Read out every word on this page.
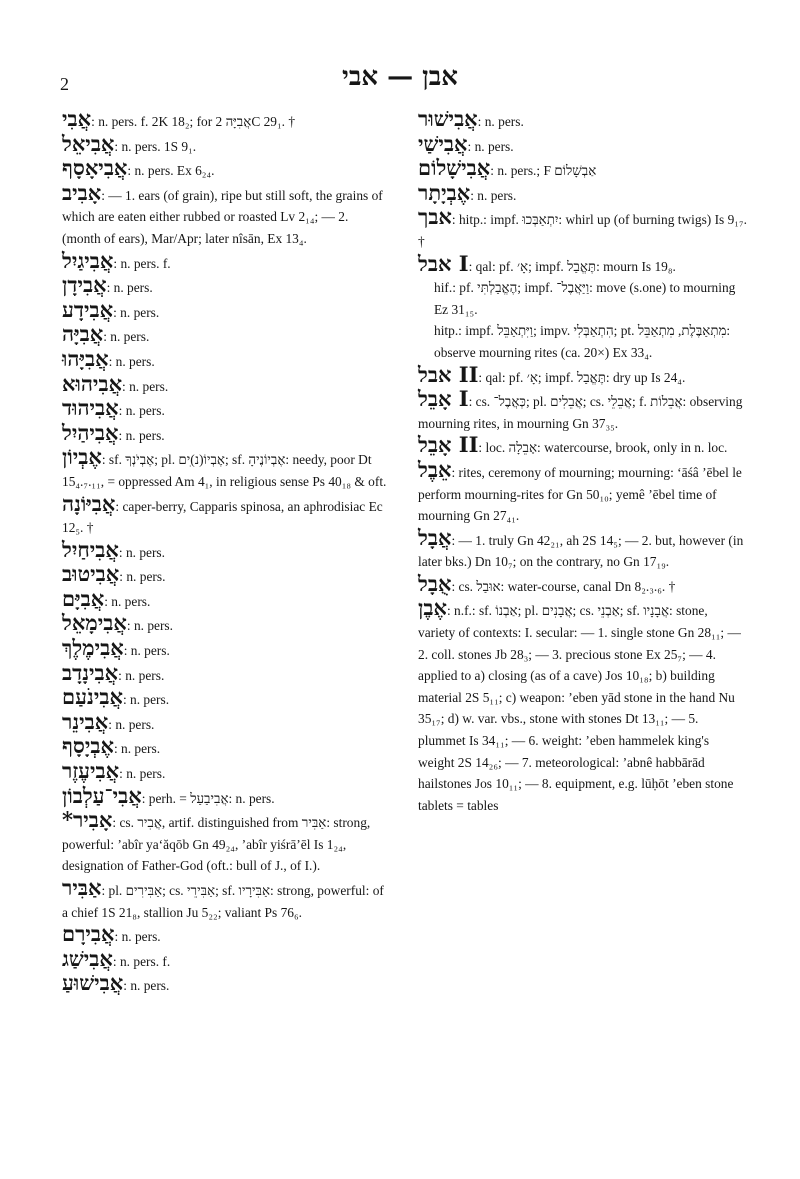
2	אבן — אבי
אֲבִי: n. pers. f. 2K 18₂; for אֲבִיָּה 2C 29₁. †
אֲבִיאֵל: n. pers. 1S 9₁.
אֲבִיאָסָף: n. pers. Ex 6₂₄.
אָבִיב: — 1. ears (of grain), ripe but still soft, the grains of which are eaten either rubbed or roasted Lv 2₁₄; — 2. (month of ears), Mar/Apr; later nîsān, Ex 13₄.
אֲבִיגַיִל: n. pers. f.
אֲבִידָן: n. pers.
אֲבִידָע: n. pers.
אֲבִיָּה: n. pers.
אֲבִיָּהוּ: n. pers.
אֲבִיהוּא: n. pers.
אֲבִיהוּד: n. pers.
אֲבִיהַיִל: n. pers.
אֶבְיוֹן: sf. אֶבְיֹנְךָ; pl. אֶבְיוֹ(נ)ִים; sf. אֶבְיוֹנֶיהָ: needy, poor Dt 15₄.₇.₁₁, = oppressed Am 4₁, in religious sense Ps 40₁₈ & oft.
אֲבִיּוֹנָה: caper-berry, Capparis spinosa, an aphrodisiac Ec 12₅. †
אֲבִיחַיִל: n. pers.
אֲבִיטוּב: n. pers.
אֲבִיָּם: n. pers.
אֲבִימָאֵל: n. pers.
אֲבִימֶלֶךְ: n. pers.
אֲבִינָדָב: n. pers.
אֲבִינֹעַם: n. pers.
אֲבִינֵר: n. pers.
אֶבְיָסָף: n. pers.
אֲבִיעֶזֶר: n. pers.
אֲבִי־עַלְבוֹן: perh. = אֲבִיבַעַל: n. pers.
אָבִיר*: cs. אֲבִיר, artif. distinguished from אַבִּיר: strong, powerful: ʼabîr yaʻăqōb Gn 49₂₄, ʼabîr yiśrāʼēl Is 1₂₄, designation of Father-God (oft.: bull of J., of I.).
אַבִּיר: pl. אַבִּירִים; cs. אַבִּירֵי; sf. אַבִּירָיו: strong, powerful: of a chief 1S 21₈, stallion Ju 5₂₂; valiant Ps 76₆.
אֲבִירָם: n. pers.
אֲבִישַׁג: n. pers. f.
אֲבִישׁוּעַ: n. pers.
אֲבִישׁוּר: n. pers.
אֲבִישַׁי: n. pers.
אֲבִישָׁלוֹם: n. pers.; F אַבְשָׁלוֹם
אֶבְיָתָר: n. pers.
אבך: hitp.: impf. יִתְאַבְּכוּ: whirl up (of burning twigs) Is 9₁₇. †
I אבל: qal: pf. אָ׳; impf. תֶּאֱבַל: mourn Is 19₈.
hif.: pf. הֶאֱבַלְתִּי; impf. וַיַּאֲבֶל־: move (s.one) to mourning Ez 31₁₅.
hitp.: impf. וַיִּתְאַבֵּל; impv. הִתְאַבְּלִי; pt. מִתְאַבֶּלֶת, מִתְאַבֵּל: observe mourning rites (ca. 20×) Ex 33₄.
II אבל: qal: pf. אָ׳; impf. תֶּאֱבַל: dry up Is 24₄.
I אָבֵל: cs. כְּאֲבֶל־; pl. אֲבֵלִים; cs. אֲבֵלֵי; f. אֲבֵלוֹת: observing mourning rites, in mourning Gn 37₃₅.
II אָבֵל: loc. אָבֵלָה: watercourse, brook, only in n. loc.
אֵבֶל: rites, ceremony of mourning; mourning: ʻāśâ ʼēbel le perform mourning-rites for Gn 50₁₀; yemê ʼēbel time of mourning Gn 27₄₁.
אֲבָל: — 1. truly Gn 42₂₁, ah 2S 14₅; — 2. but, however (in later bks.) Dn 10₇; on the contrary, no Gn 17₁₉.
אֻבָל: cs. אוּבַל: water-course, canal Dn 8₂.₃.₆. †
אֶבֶן: n.f.: sf. אַבְנוֹ; pl. אֲבָנִים; cs. אַבְנֵי; sf. אֲבָנָיו: stone, variety of contexts: I. secular: — 1. single stone Gn 28₁₁; — 2. coll. stones Jb 28₃; — 3. precious stone Ex 25₇; — 4. applied to a) closing (as of a cave) Jos 10₁₈; b) building material 2S 5₁₁; c) weapon: ʼeben yād stone in the hand Nu 35₁₇; d) w. var. vbs., stone with stones Dt 13₁₁; — 5. plummet Is 34₁₁; — 6. weight: ʼeben hammelek king's weight 2S 14₂₆; — 7. meteorological: ʼabnê habbārād hailstones Jos 10₁₁; — 8. equipment, e.g. lūḥōt ʼeben stone tablets = tables
